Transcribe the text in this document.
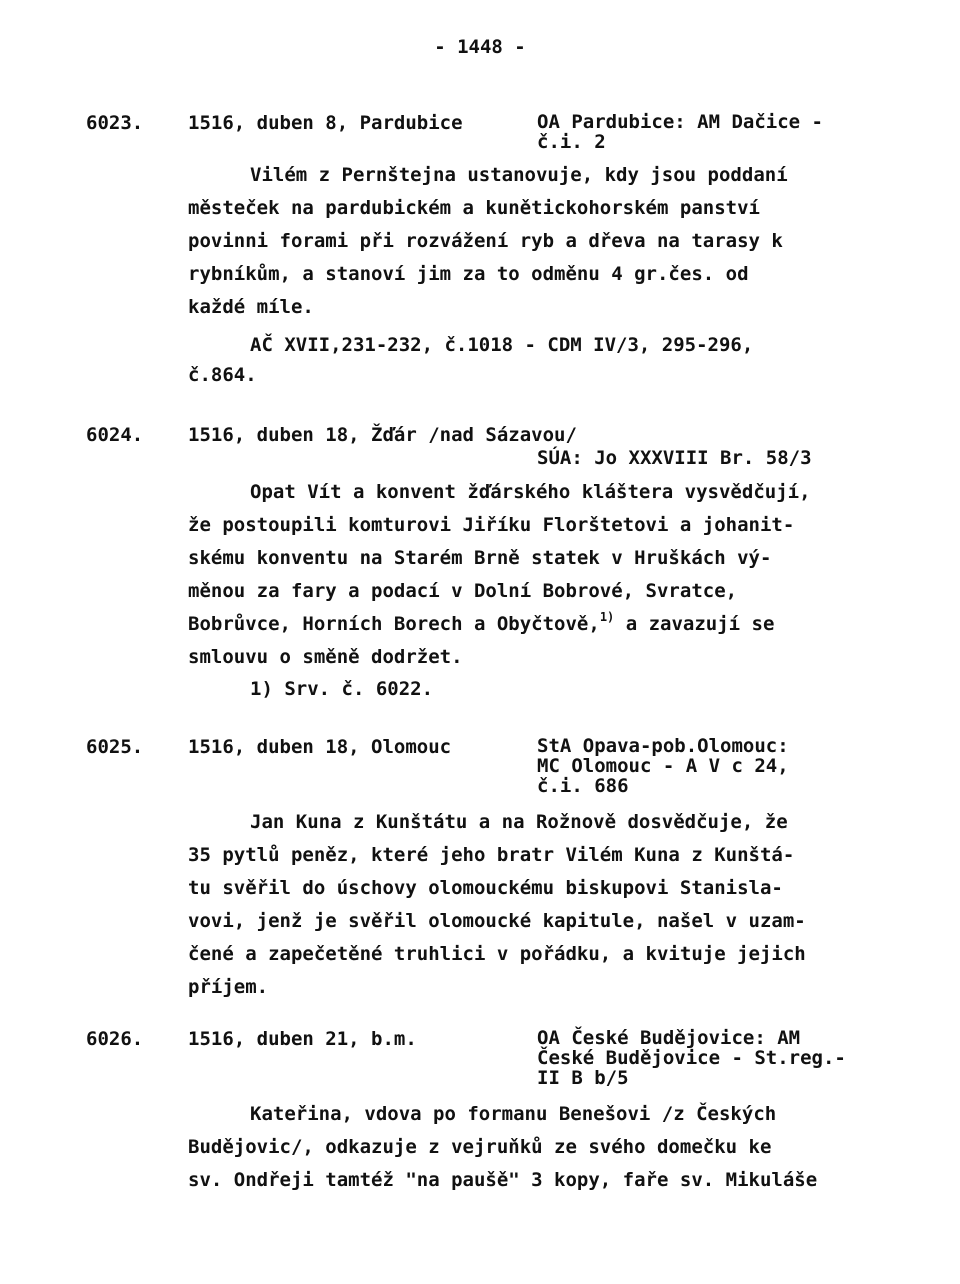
- 1448 -
6023. 1516, duben 8, Pardubice	OA Pardubice: AM Dačice -
č.i. 2
Vilém z Pernštejna ustanovuje, kdy jsou poddaní
městeček na pardubickém a kunětickohorském panství
povinni forami při rozvážení ryb a dřeva na tarasy k
rybníkům, a stanoví jim za to odměnu 4 gr.čes. od
každé míle.
AČ XVII,231-232, č.1018 - CDM IV/3, 295-296,
č.864.
6024. 1516, duben 18, Žďár /nad Sázavou/
SÚA: Jo XXXVIII Br. 58/3
Opat Vít a konvent žďárského kláštera vysvědčují,
že postoupili komturovi Jiříku Florštetovi a johanit-
skému konventu na Starém Brně statek v Hruškách vý-
měnou za fary a podací v Dolní Bobrové, Svratce,
Bobrůvce, Horních Borech a Obyčtově,$^{1)}$ a zavazují se
smlouvu o směně dodržet.
1) Srv. č. 6022.
6025. 1516, duben 18, Olomouc	StA Opava-pob.Olomouc:
MC Olomouc - A V c 24,
č.i. 686
Jan Kuna z Kunštátu a na Rožnově dosvědčuje, že
35 pytlů peněz, které jeho bratr Vilém Kuna z Kunštá-
tu svěřil do úschovy olomouckému biskupovi Stanisla-
vovi, jenž je svěřil olomoucké kapitule, našel v uzam-
čené a zapečetěné truhlici v pořádku, a kvituje jejich
příjem.
6026. 1516, duben 21, b.m.	OA České Budějovice: AM
České Budějovice - St.reg.-
II B b/5
Kateřina, vdova po formanu Benešovi /z Českých
Budějovic/, odkazuje z vejruňků ze svého domečku ke
sv. Ondřeji tamtéž "na paušě" 3 kopy, faře sv. Mikuláše
